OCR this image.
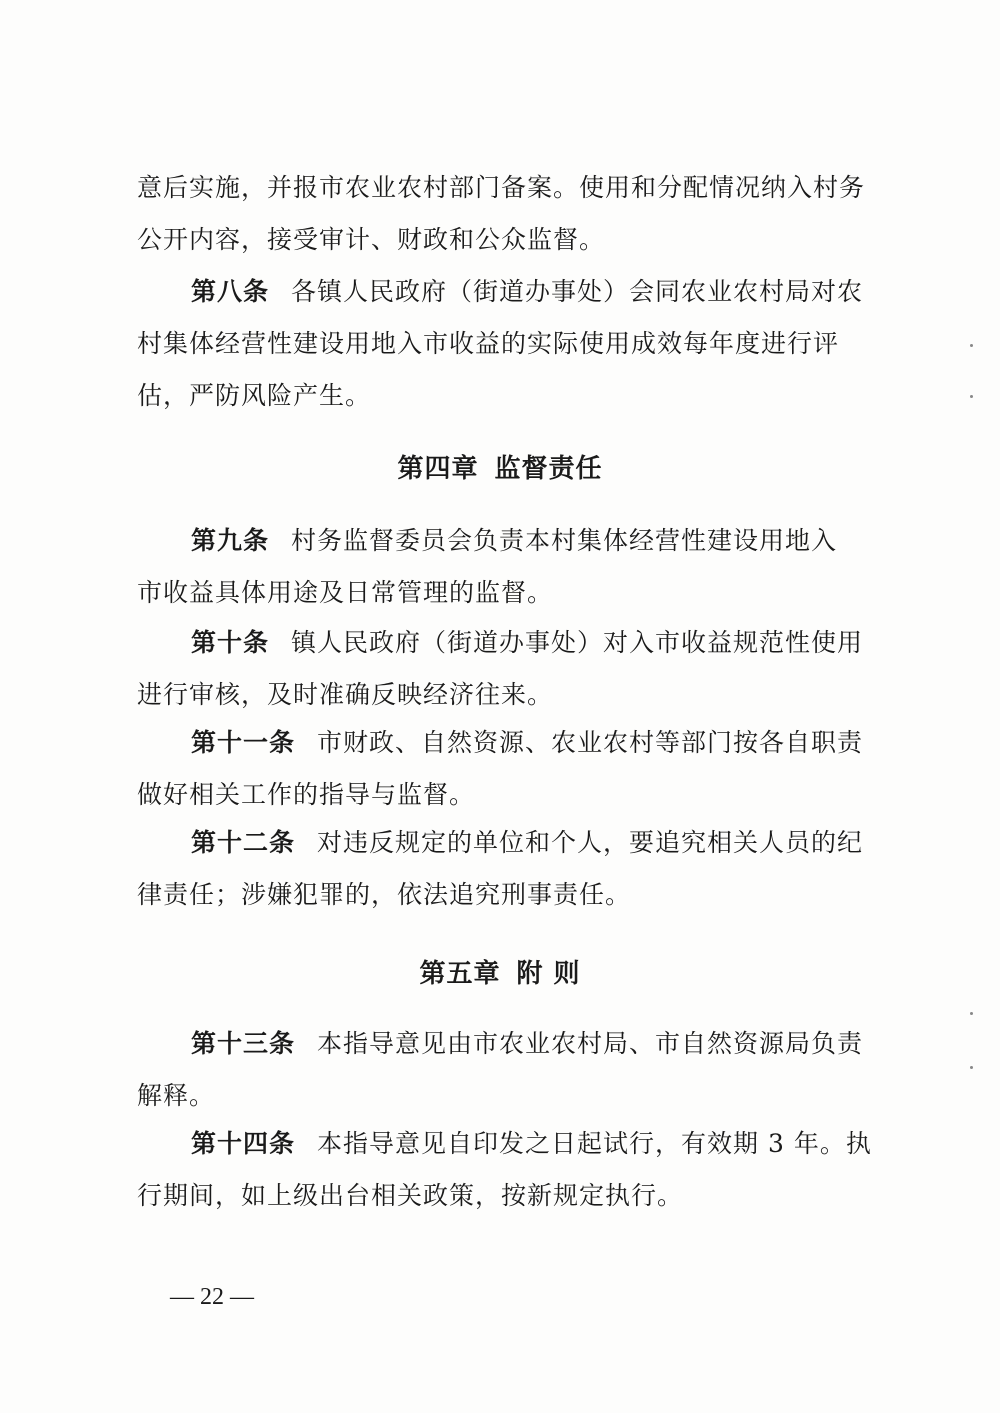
意后实施，并报市农业农村部门备案。使用和分配情况纳入村务
公开内容，接受审计、财政和公众监督。
第八条 各镇人民政府（街道办事处）会同农业农村局对农
村集体经营性建设用地入市收益的实际使用成效每年度进行评
估，严防风险产生。
第四章 监督责任
第九条 村务监督委员会负责本村集体经营性建设用地入
市收益具体用途及日常管理的监督。
第十条 镇人民政府（街道办事处）对入市收益规范性使用
进行审核，及时准确反映经济往来。
第十一条 市财政、自然资源、农业农村等部门按各自职责
做好相关工作的指导与监督。
第十二条 对违反规定的单位和个人，要追究相关人员的纪
律责任；涉嫌犯罪的，依法追究刑事责任。
第五章 附 则
第十三条 本指导意见由市农业农村局、市自然资源局负责
解释。
第十四条 本指导意见自印发之日起试行，有效期 3 年。执
行期间，如上级出台相关政策，按新规定执行。
— 22 —
